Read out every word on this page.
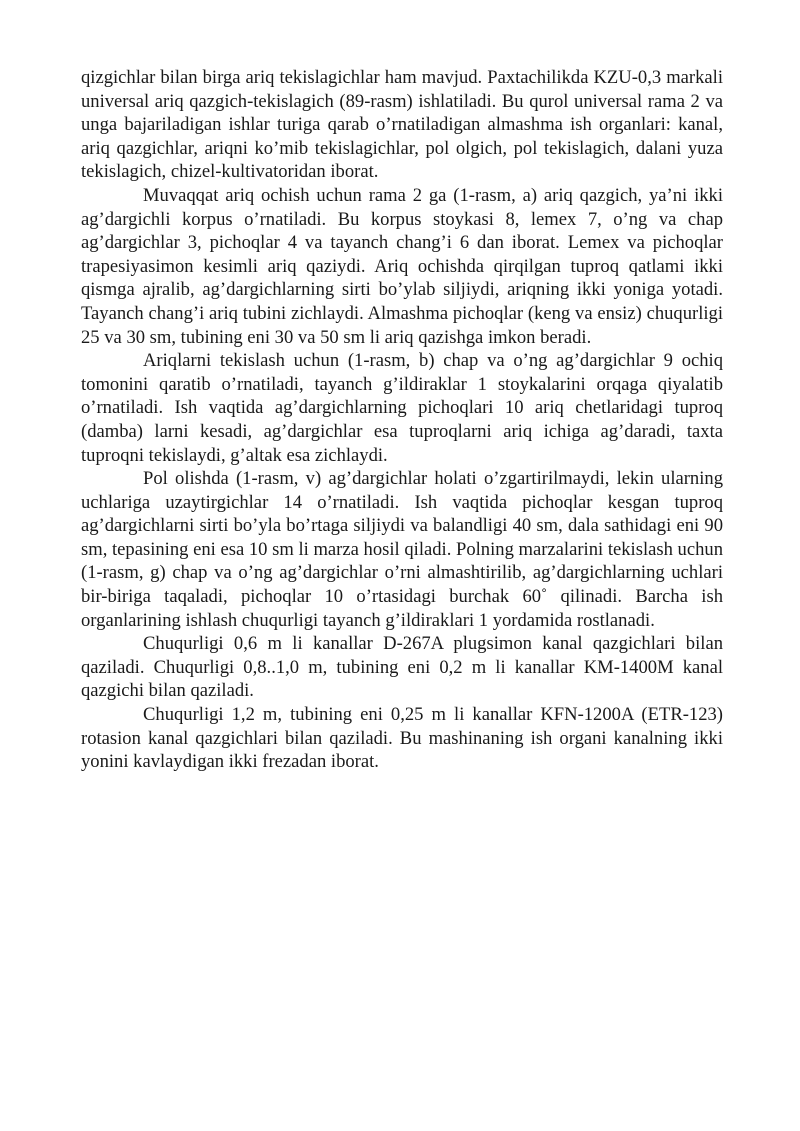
qizgichlar bilan birga ariq tekislagichlar ham mavjud. Paxtachilikda KZU-0,3 markali universal ariq qazgich-tekislagich (89-rasm) ishlatiladi. Bu qurol universal rama 2 va unga bajariladigan ishlar turiga qarab o’rnatiladigan almashma ish organlari: kanal, ariq qazgichlar, ariqni ko’mib tekislagichlar, pol olgich, pol tekislagich, dalani yuza tekislagich, chizel-kultivatoridan iborat.

Muvaqqat ariq ochish uchun rama 2 ga (1-rasm, a) ariq qazgich, ya’ni ikki ag’dargichli korpus o’rnatiladi. Bu korpus stoykasi 8, lemex 7, o’ng va chap ag’dargichlar 3, pichoqlar 4 va tayanch chang’i 6 dan iborat. Lemex va pichoqlar trapesiyasimon kesimli ariq qaziydi. Ariq ochishda qirqilgan tuproq qatlami ikki qismga ajralib, ag’dargichlarning sirti bo’ylab siljiydi, ariqning ikki yoniga yotadi. Tayanch chang’i ariq tubini zichlaydi. Almashma pichoqlar (keng va ensiz) chuqurligi 25 va 30 sm, tubining eni 30 va 50 sm li ariq qazishga imkon beradi.

Ariqlarni tekislash uchun (1-rasm, b) chap va o’ng ag’dargichlar 9 ochiq tomonini qaratib o’rnatiladi, tayanch g’ildiraklar 1 stoykalarini orqaga qiyalatib o’rnatiladi. Ish vaqtida ag’dargichlarning pichoqlari 10 ariq chetlaridagi tuproq (damba) larni kesadi, ag’dargichlar esa tuproqlarni ariq ichiga ag’daradi, taxta tuproqni tekislaydi, g’altak esa zichlaydi.

Pol olishda (1-rasm, v) ag’dargichlar holati o’zgartirilmaydi, lekin ularning uchlariga uzaytirgichlar 14 o’rnatiladi. Ish vaqtida pichoqlar kesgan tuproq ag’dargichlarni sirti bo’yla bo’rtaga siljiydi va balandligi 40 sm, dala sathidagi eni 90 sm, tepasining eni esa 10 sm li marza hosil qiladi. Polning marzalarini tekislash uchun (1-rasm, g) chap va o’ng ag’dargichlar o’rni almashtirilib, ag’dargichlarning uchlari bir-biriga taqaladi, pichoqlar 10 o’rtasidagi burchak 60˚ qilinadi. Barcha ish organlarining ishlash chuqurligi tayanch g’ildiraklari 1 yordamida rostlanadi.

Chuqurligi 0,6 m li kanallar D-267A plugsimon kanal qazgichlari bilan qaziladi. Chuqurligi 0,8..1,0 m, tubining eni 0,2 m li kanallar KM-1400M kanal qazgichi bilan qaziladi.

Chuqurligi 1,2 m, tubining eni 0,25 m li kanallar KFN-1200A (ETR-123) rotasion kanal qazgichlari bilan qaziladi. Bu mashinaning ish organi kanalning ikki yonini kavlaydigan ikki frezadan iborat.
